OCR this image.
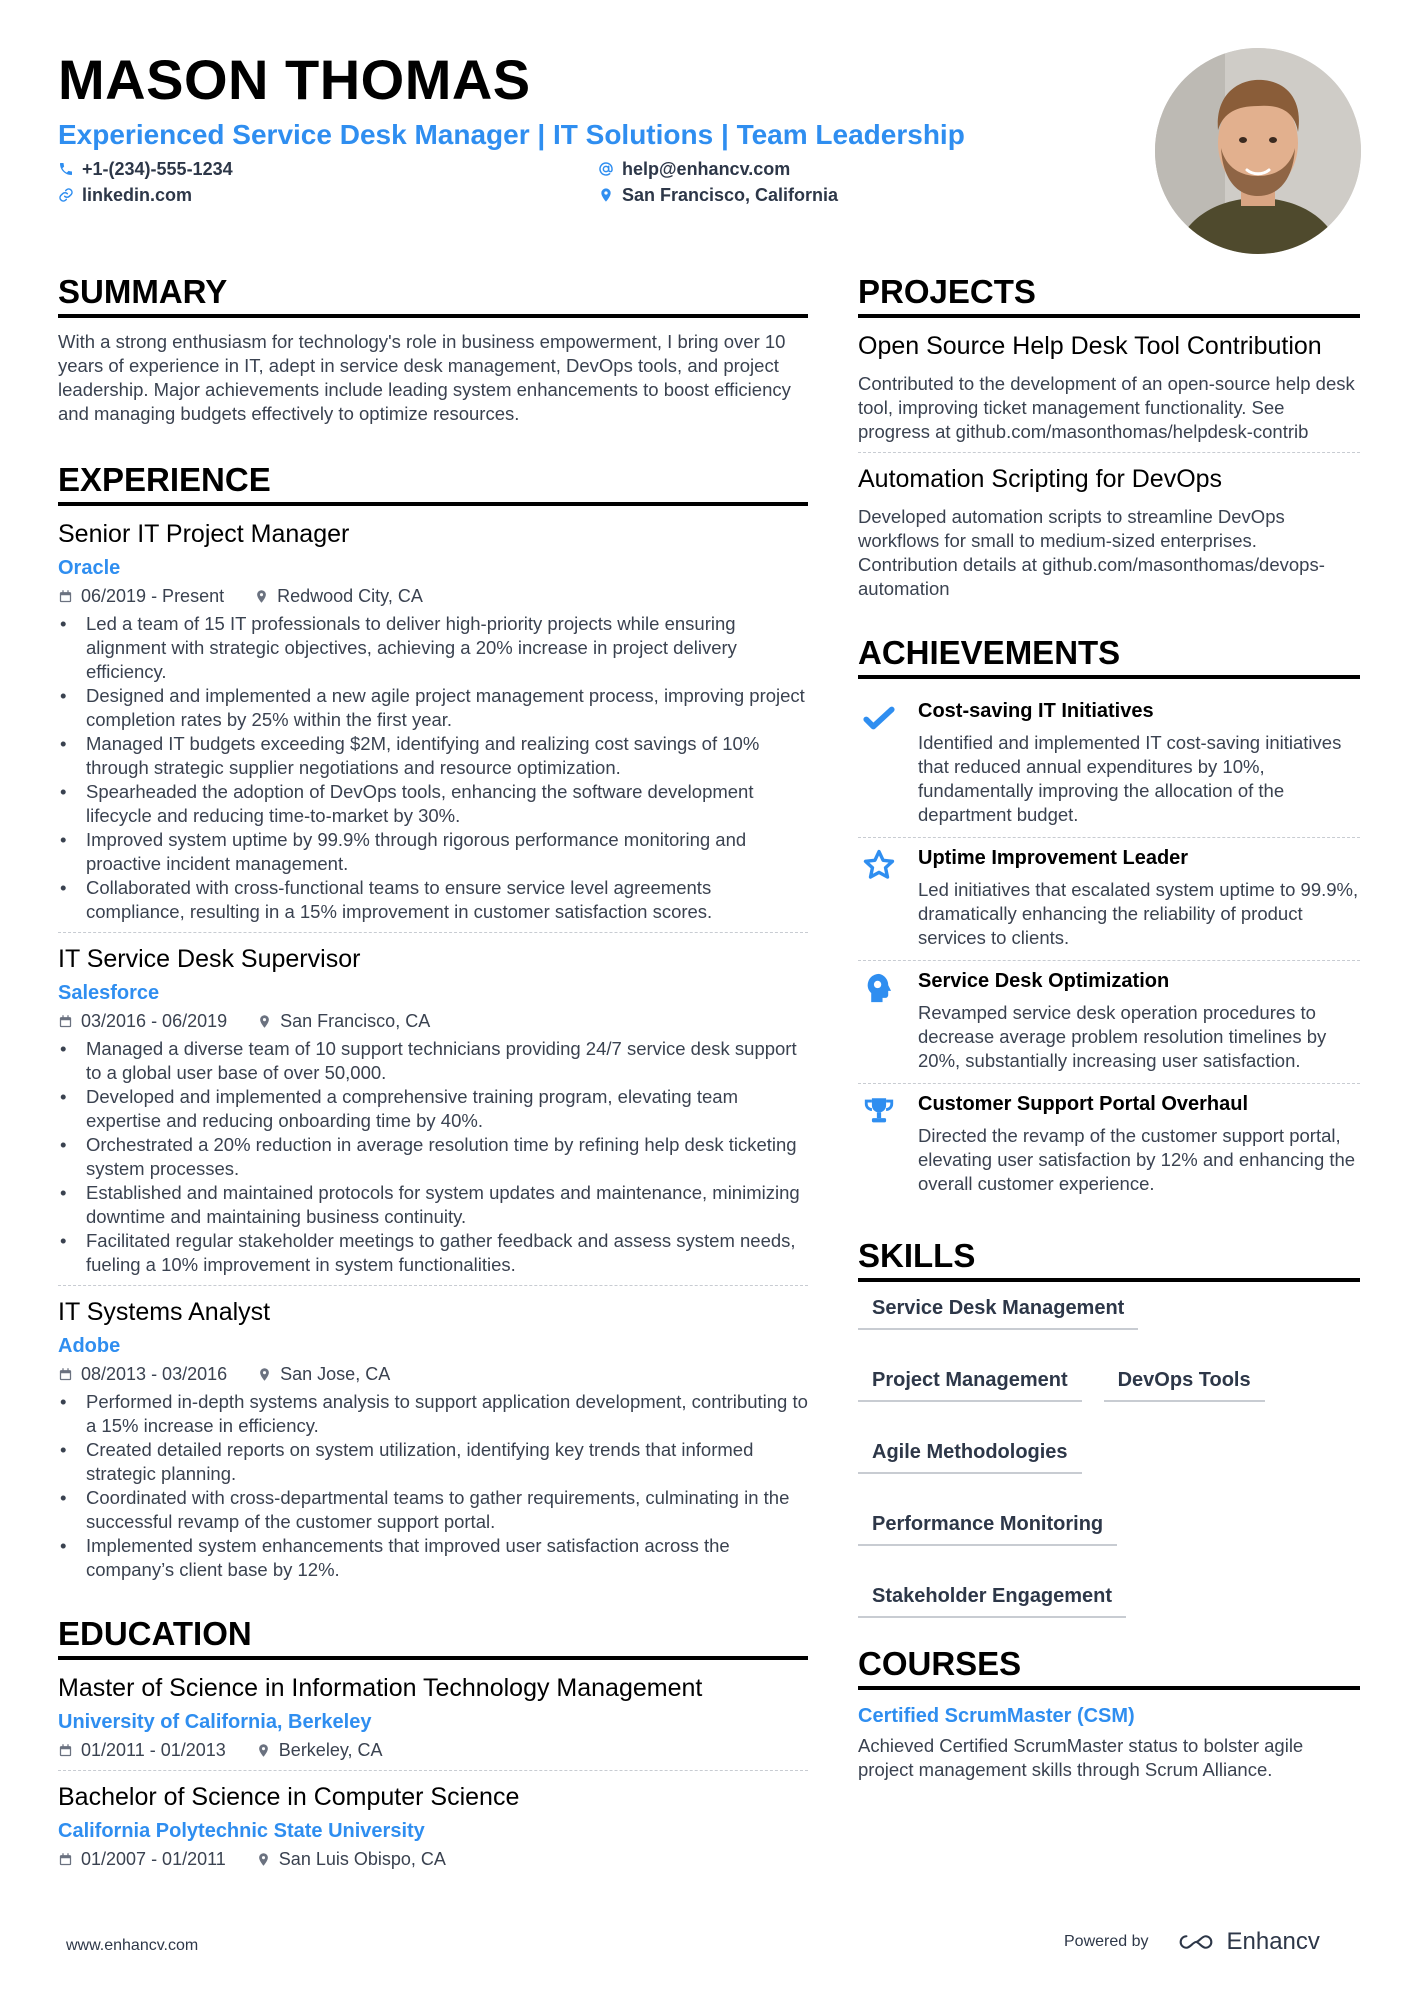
MASON THOMAS
Experienced Service Desk Manager | IT Solutions | Team Leadership
+1-(234)-555-1234	help@enhancv.com
linkedin.com	San Francisco, California
SUMMARY
With a strong enthusiasm for technology's role in business empowerment, I bring over 10 years of experience in IT, adept in service desk management, DevOps tools, and project leadership. Major achievements include leading system enhancements to boost efficiency and managing budgets effectively to optimize resources.
EXPERIENCE
Senior IT Project Manager
Oracle
06/2019 - Present	Redwood City, CA
• Led a team of 15 IT professionals to deliver high-priority projects while ensuring alignment with strategic objectives, achieving a 20% increase in project delivery efficiency.
• Designed and implemented a new agile project management process, improving project completion rates by 25% within the first year.
• Managed IT budgets exceeding $2M, identifying and realizing cost savings of 10% through strategic supplier negotiations and resource optimization.
• Spearheaded the adoption of DevOps tools, enhancing the software development lifecycle and reducing time-to-market by 30%.
• Improved system uptime by 99.9% through rigorous performance monitoring and proactive incident management.
• Collaborated with cross-functional teams to ensure service level agreements compliance, resulting in a 15% improvement in customer satisfaction scores.
IT Service Desk Supervisor
Salesforce
03/2016 - 06/2019	San Francisco, CA
• Managed a diverse team of 10 support technicians providing 24/7 service desk support to a global user base of over 50,000.
• Developed and implemented a comprehensive training program, elevating team expertise and reducing onboarding time by 40%.
• Orchestrated a 20% reduction in average resolution time by refining help desk ticketing system processes.
• Established and maintained protocols for system updates and maintenance, minimizing downtime and maintaining business continuity.
• Facilitated regular stakeholder meetings to gather feedback and assess system needs, fueling a 10% improvement in system functionalities.
IT Systems Analyst
Adobe
08/2013 - 03/2016	San Jose, CA
• Performed in-depth systems analysis to support application development, contributing to a 15% increase in efficiency.
• Created detailed reports on system utilization, identifying key trends that informed strategic planning.
• Coordinated with cross-departmental teams to gather requirements, culminating in the successful revamp of the customer support portal.
• Implemented system enhancements that improved user satisfaction across the company’s client base by 12%.
EDUCATION
Master of Science in Information Technology Management
University of California, Berkeley
01/2011 - 01/2013	Berkeley, CA
Bachelor of Science in Computer Science
California Polytechnic State University
01/2007 - 01/2011	San Luis Obispo, CA
PROJECTS
Open Source Help Desk Tool Contribution
Contributed to the development of an open-source help desk tool, improving ticket management functionality. See progress at github.com/masonthomas/helpdesk-contrib
Automation Scripting for DevOps
Developed automation scripts to streamline DevOps workflows for small to medium-sized enterprises. Contribution details at github.com/masonthomas/devops-automation
ACHIEVEMENTS
Cost-saving IT Initiatives
Identified and implemented IT cost-saving initiatives that reduced annual expenditures by 10%, fundamentally improving the allocation of the department budget.
Uptime Improvement Leader
Led initiatives that escalated system uptime to 99.9%, dramatically enhancing the reliability of product services to clients.
Service Desk Optimization
Revamped service desk operation procedures to decrease average problem resolution timelines by 20%, substantially increasing user satisfaction.
Customer Support Portal Overhaul
Directed the revamp of the customer support portal, elevating user satisfaction by 12% and enhancing the overall customer experience.
SKILLS
Service Desk Management
Project Management	DevOps Tools
Agile Methodologies
Performance Monitoring
Stakeholder Engagement
COURSES
Certified ScrumMaster (CSM)
Achieved Certified ScrumMaster status to bolster agile project management skills through Scrum Alliance.
www.enhancv.com	Powered by	Enhancv
